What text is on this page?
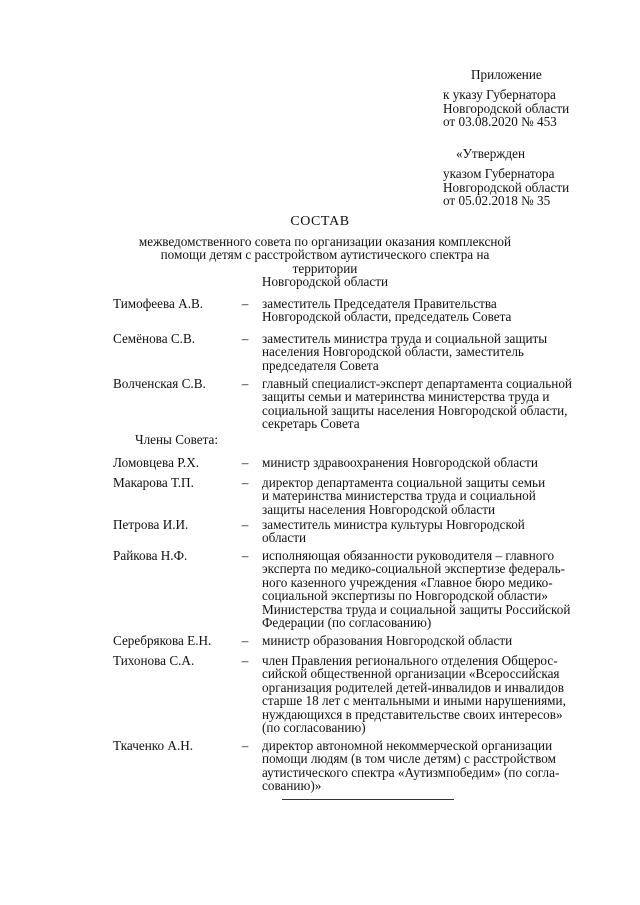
Приложение
к указу Губернатора
Новгородской области
от 03.08.2020 № 453
«Утвержден
указом Губернатора
Новгородской области
от 05.02.2018 № 35
СОСТАВ
межведомственного совета по организации оказания комплексной
помощи детям с расстройством аутистического спектра на территории
Новгородской области
Тимофеева А.В.	– заместитель Председателя Правительства
Новгородской области, председатель Совета
Семёнова С.В.	– заместитель министра труда и социальной защиты
населения Новгородской области, заместитель
председателя Совета
Волченская С.В.	– главный специалист-эксперт департамента социальной
защиты семьи и материнства министерства труда и
социальной защиты населения Новгородской области,
секретарь Совета
Члены Совета:
Ломовцева Р.Х.	– министр здравоохранения Новгородской области
Макарова Т.П.	– директор департамента социальной защиты семьи
и материнства министерства труда и социальной
защиты населения Новгородской области
Петрова И.И.	– заместитель министра культуры Новгородской
области
Райкова Н.Ф.	– исполняющая обязанности руководителя – главного
эксперта по медико-социальной экспертизе федераль-
ного казенного учреждения «Главное бюро медико-
социальной экспертизы по Новгородской области»
Министерства труда и социальной защиты Российской
Федерации (по согласованию)
Серебрякова Е.Н.	– министр образования Новгородской области
Тихонова С.А.	– член Правления регионального отделения Общерос-
сийской общественной организации «Всероссийская
организация родителей детей-инвалидов и инвалидов
старше 18 лет с ментальными и иными нарушениями,
нуждающихся в представительстве своих интересов»
(по согласованию)
Ткаченко А.Н.	– директор автономной некоммерческой организации
помощи людям (в том числе детям) с расстройством
аутистического спектра «Аутизмпобедим» (по согла-
сованию)»
